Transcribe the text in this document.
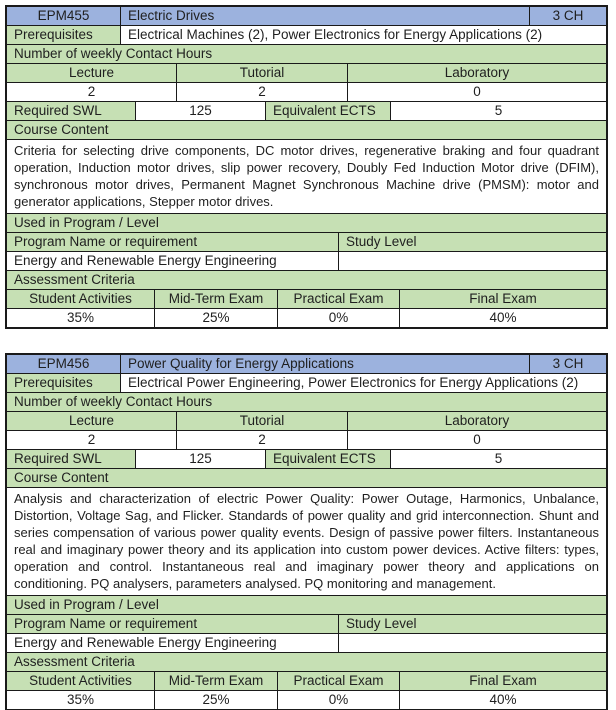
EPM455	Electric Drives	3 CH
Prerequisites	Electrical Machines (2), Power Electronics for Energy Applications (2)
Number of weekly Contact Hours
Lecture	Tutorial	Laboratory
2	2	0
Required SWL	125	Equivalent ECTS	5
Course Content
Criteria for selecting drive components, DC motor drives, regenerative braking and four quadrant operation, Induction motor drives, slip power recovery, Doubly Fed Induction Motor drive (DFIM), synchronous motor drives, Permanent Magnet Synchronous Machine drive (PMSM): motor and generator applications, Stepper motor drives.
Used in Program / Level
Program Name or requirement	Study Level
Energy and Renewable Energy Engineering
Assessment Criteria
Student Activities	Mid-Term Exam	Practical Exam	Final Exam
35%	25%	0%	40%
EPM456	Power Quality for Energy Applications	3 CH
Prerequisites	Electrical Power Engineering, Power Electronics for Energy Applications (2)
Number of weekly Contact Hours
Lecture	Tutorial	Laboratory
2	2	0
Required SWL	125	Equivalent ECTS	5
Course Content
Analysis and characterization of electric Power Quality: Power Outage, Harmonics, Unbalance, Distortion, Voltage Sag, and Flicker. Standards of power quality and grid interconnection. Shunt and series compensation of various power quality events. Design of passive power filters. Instantaneous real and imaginary power theory and its application into custom power devices. Active filters: types, operation and control. Instantaneous real and imaginary power theory and applications on conditioning. PQ analysers, parameters analysed. PQ monitoring and management.
Used in Program / Level
Program Name or requirement	Study Level
Energy and Renewable Energy Engineering
Assessment Criteria
Student Activities	Mid-Term Exam	Practical Exam	Final Exam
35%	25%	0%	40%
